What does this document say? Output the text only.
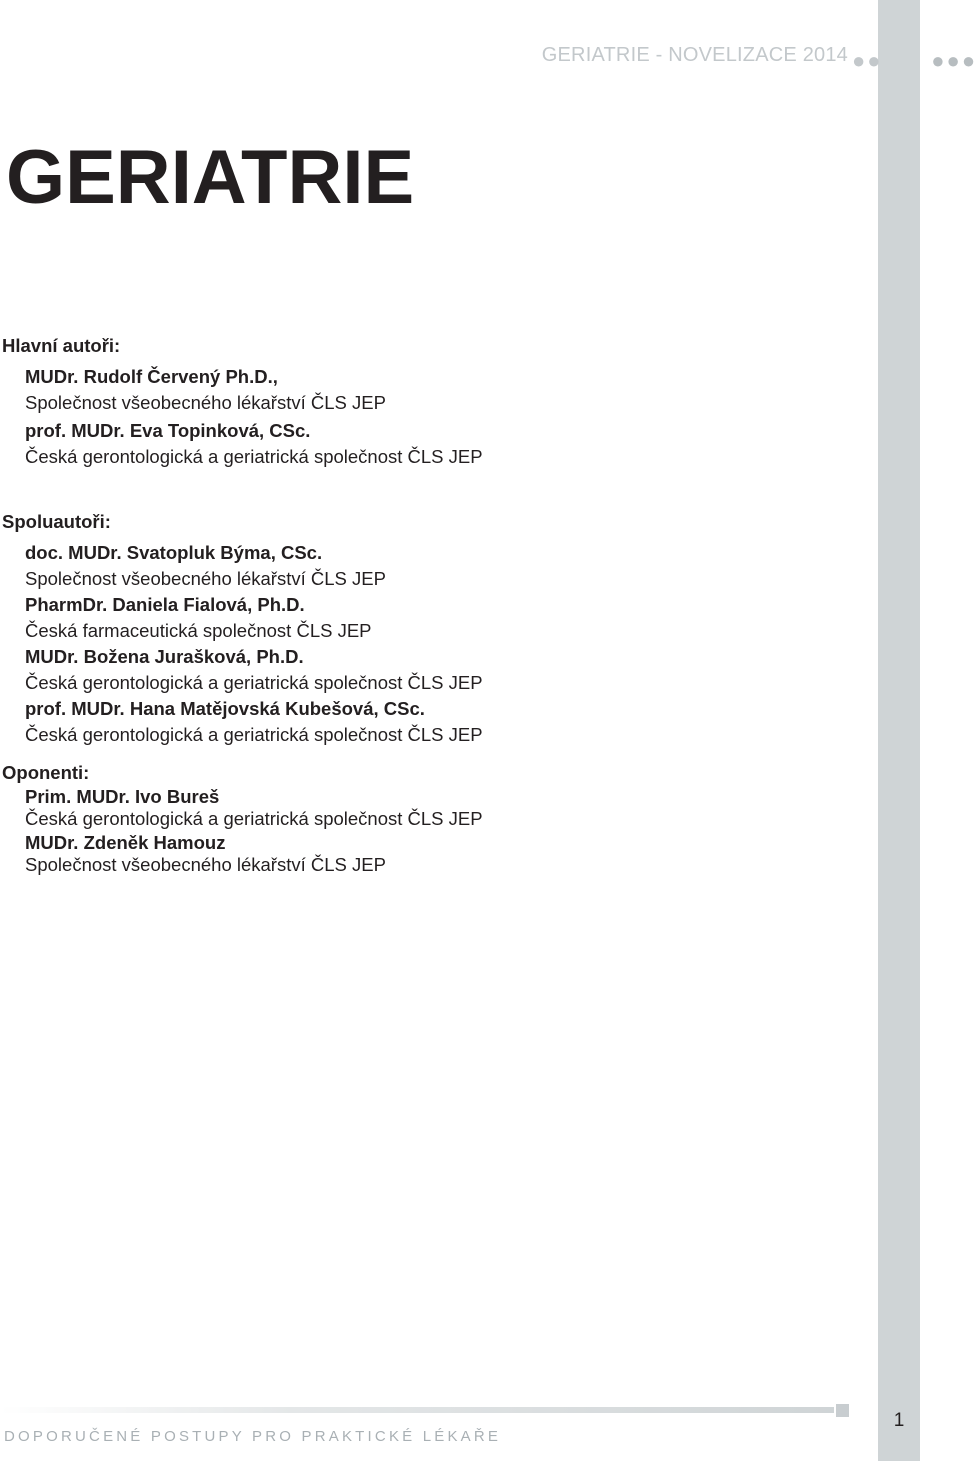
GERIATRIE - NOVELIZACE 2014 ●● ●●●
GERIATRIE
Hlavní autoři:
MUDr. Rudolf Červený Ph.D.,
Společnost všeobecného lékařství ČLS JEP
prof. MUDr. Eva Topinková, CSc.
Česká gerontologická a geriatrická společnost ČLS JEP
Spoluautoři:
doc. MUDr. Svatopluk Býma, CSc.
Společnost všeobecného lékařství ČLS JEP
PharmDr. Daniela Fialová, Ph.D.
Česká farmaceutická společnost ČLS JEP
MUDr. Božena Jurašková, Ph.D.
Česká gerontologická a geriatrická společnost ČLS JEP
prof. MUDr. Hana Matějovská Kubešová, CSc.
Česká gerontologická a geriatrická společnost ČLS JEP
Oponenti:
Prim. MUDr. Ivo Bureš
Česká gerontologická a geriatrická společnost ČLS JEP
MUDr. Zdeněk Hamouz
Společnost všeobecného lékařství ČLS JEP
DOPORUČENÉ POSTUPY PRO PRAKTICKÉ LÉKAŘE
1
